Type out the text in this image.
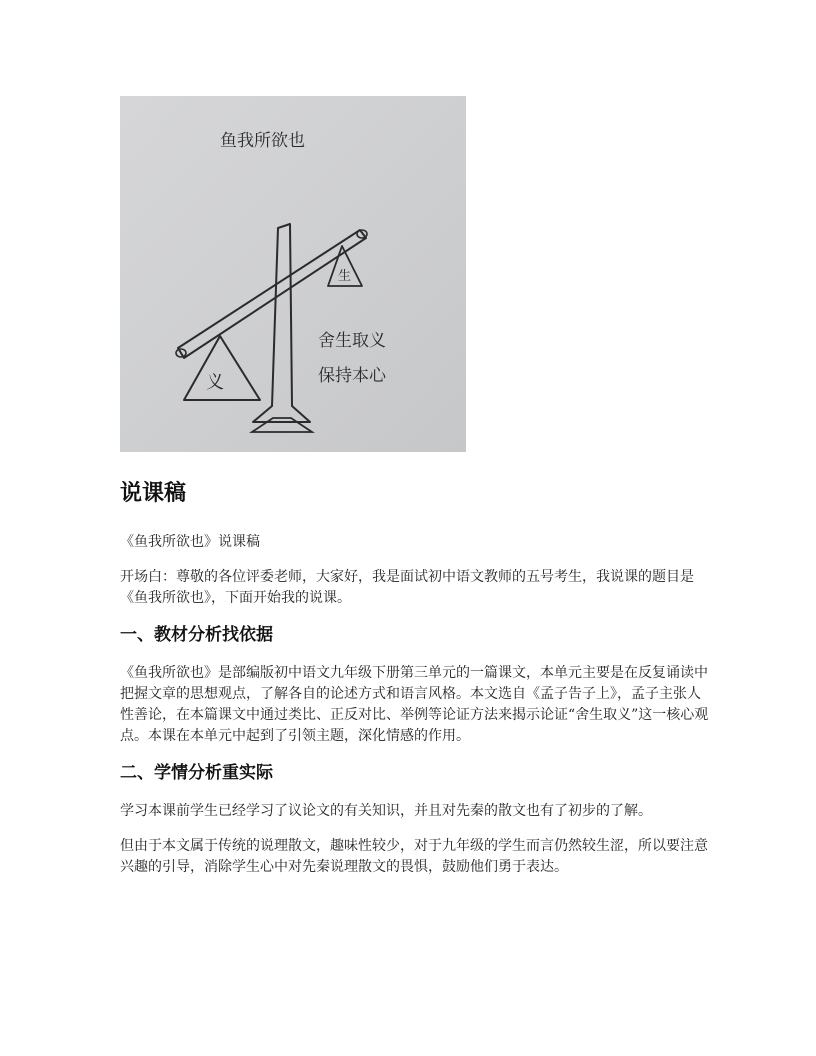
鱼我所欲也
义
生
舍生取义
保持本心
说课稿

《鱼我所欲也》说课稿

开场白：尊敬的各位评委老师，大家好，我是面试初中语文教师的五号考生，我说课的题目是《鱼我所欲也》，下面开始我的说课。

一、教材分析找依据

《鱼我所欲也》是部编版初中语文九年级下册第三单元的一篇课文，本单元主要是在反复诵读中把握文章的思想观点，了解各自的论述方式和语言风格。本文选自《孟子告子上》，孟子主张人性善论，在本篇课文中通过类比、正反对比、举例等论证方法来揭示论证“舍生取义”这一核心观点。本课在本单元中起到了引领主题，深化情感的作用。

二、学情分析重实际

学习本课前学生已经学习了议论文的有关知识，并且对先秦的散文也有了初步的了解。

但由于本文属于传统的说理散文，趣味性较少，对于九年级的学生而言仍然较生涩，所以要注意兴趣的引导，消除学生心中对先秦说理散文的畏惧，鼓励他们勇于表达。
